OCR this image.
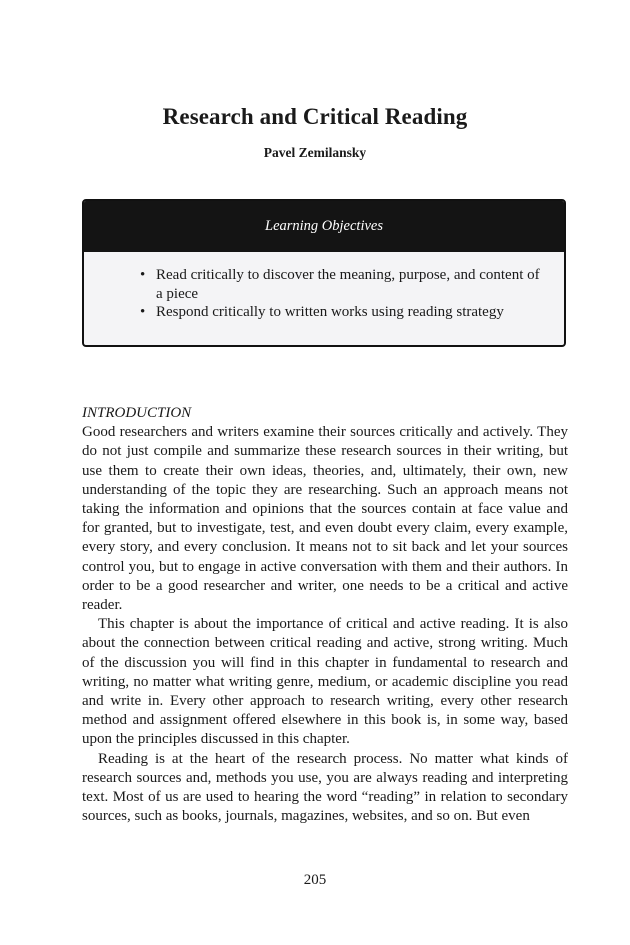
Research and Critical Reading
Pavel Zemilansky
Learning Objectives
• Read critically to discover the meaning, purpose, and content of a piece
• Respond critically to written works using reading strategy
INTRODUCTION

Good researchers and writers examine their sources critically and actively. They do not just compile and summarize these research sources in their writing, but use them to create their own ideas, theories, and, ultimately, their own, new understanding of the topic they are researching. Such an approach means not taking the information and opinions that the sources contain at face value and for granted, but to investigate, test, and even doubt every claim, every example, every story, and every conclusion. It means not to sit back and let your sources control you, but to engage in active conversation with them and their authors. In order to be a good researcher and writer, one needs to be a critical and active reader.

This chapter is about the importance of critical and active reading. It is also about the connection between critical reading and active, strong writing. Much of the discussion you will find in this chapter in fundamental to research and writing, no matter what writing genre, medium, or academic discipline you read and write in. Every other approach to research writing, every other research method and assignment offered elsewhere in this book is, in some way, based upon the principles discussed in this chapter.

Reading is at the heart of the research process. No matter what kinds of research sources and, methods you use, you are always reading and interpreting text. Most of us are used to hearing the word “reading” in relation to secondary sources, such as books, journals, magazines, websites, and so on. But even

205
